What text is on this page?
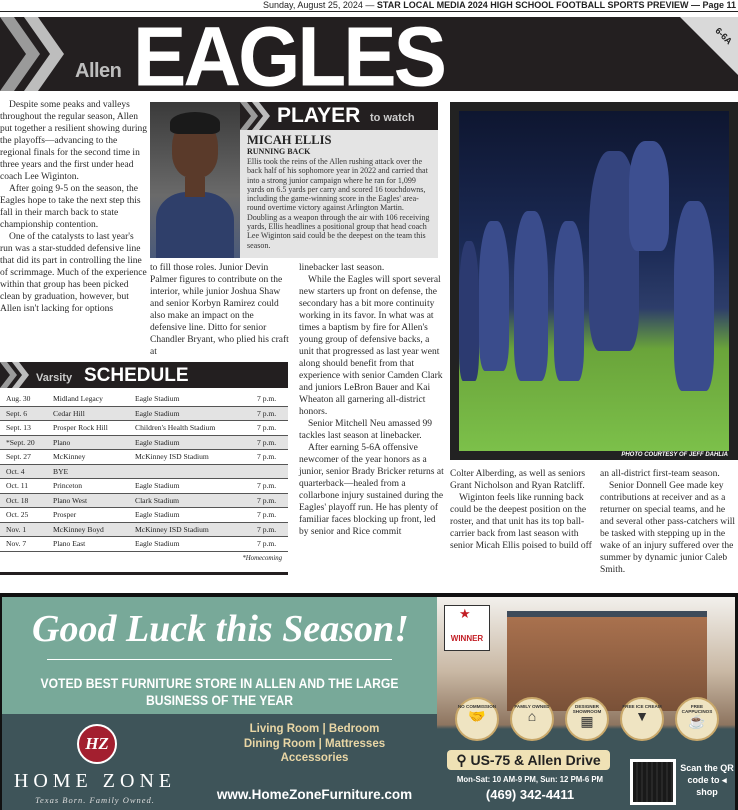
Sunday, August 25, 2024 — STAR LOCAL MEDIA 2024 HIGH SCHOOL FOOTBALL SPORTS PREVIEW — Page 11
Allen EAGLES	6-6A

Despite some peaks and valleys throughout the regular season, Allen put together a resilient showing during the playoffs—advancing to the regional finals for the second time in three years and the first under head coach Lee Wiginton.

After going 9-5 on the season, the Eagles hope to take the next step this fall in their march back to state championship contention.

One of the catalysts to last year's run was a star-studded defensive line that did its part in controlling the line of scrimmage. Much of the experience within that group has been picked clean by graduation, however, but Allen isn't lacking for options

to fill those roles. Junior Devin Palmer figures to contribute on the interior, while junior Joshua Shaw and senior Korbyn Ramirez could also make an impact on the defensive line. Ditto for senior Chandler Bryant, who plied his craft at

linebacker last season.

While the Eagles will sport several new starters up front on defense, the secondary has a bit more continuity working in its favor. In what was at times a baptism by fire for Allen's young group of defensive backs, a unit that progressed as last year went along should benefit from that experience with senior Camden Clark and juniors LeBron Bauer and Kai Wheaton all garnering all-district honors.

Senior Mitchell Neu amassed 99 tackles last season at linebacker.

After earning 5-6A offensive newcomer of the year honors as a junior, senior Brady Bricker returns at quarterback—healed from a collarbone injury sustained during the Eagles' playoff run. He has plenty of familiar faces blocking up front, led by senior and Rice commit

Colter Alberding, as well as seniors Grant Nicholson and Ryan Ratcliff.

Wiginton feels like running back could be the deepest position on the roster, and that unit has its top ball-carrier back from last season with senior Micah Ellis poised to build off

an all-district first-team season.

Senior Donnell Gee made key contributions at receiver and as a returner on special teams, and he and several other pass-catchers will be tasked with stepping up in the wake of an injury suffered over the summer by dynamic junior Caleb Smith.

PLAYER to watch
MICAH ELLIS
RUNNING BACK
Ellis took the reins of the Allen rushing attack over the back half of his sophomore year in 2022 and carried that into a strong junior campaign where he ran for 1,099 yards on 6.5 yards per carry and scored 16 touchdowns, including the game-winning score in the Eagles' area-round overtime victory against Arlington Martin. Doubling as a weapon through the air with 106 receiving yards, Ellis headlines a positional group that head coach Lee Wiginton said could be the deepest on the team this season.
Varsity SCHEDULE
Aug. 30	Midland Legacy	Eagle Stadium	7 p.m.
Sept. 6	Cedar Hill	Eagle Stadium	7 p.m.
Sept. 13	Prosper Rock Hill	Children's Health Stadium	7 p.m.
*Sept. 20 Plano	Eagle Stadium	7 p.m.
Sept. 27	McKinney	McKinney ISD Stadium	7 p.m.
Oct. 4	BYE
Oct. 11	Princeton	Eagle Stadium	7 p.m.
Oct. 18	Plano West	Clark Stadium	7 p.m.
Oct. 25	Prosper	Eagle Stadium	7 p.m.
Nov. 1	McKinney Boyd	McKinney ISD Stadium	7 p.m.
Nov. 7	Plano East	Eagle Stadium	7 p.m.
*Homecoming
PHOTO COURTESY OF JEFF DAHLIA
Good Luck this Season!
VOTED BEST FURNITURE STORE IN ALLEN AND THE LARGE BUSINESS OF THE YEAR
HZ
HOME ZONE
Texas Born. Family Owned.
Living Room | Bedroom
Dining Room | Mattresses
Accessories
www.HomeZoneFurniture.com
WINNER
★
NO COMMISSION
🤝
FAMILY OWNED
⌂
DESIGNER SHOWROOM
▦
FREE ICE CREAM
▼
FREE CAPPUCINOS
☕
⚲ US-75 & Allen Drive
Mon-Sat: 10 AM-9 PM, Sun: 12 PM-6 PM
(469) 342-4411
Scan the QR code to ◂ shop
